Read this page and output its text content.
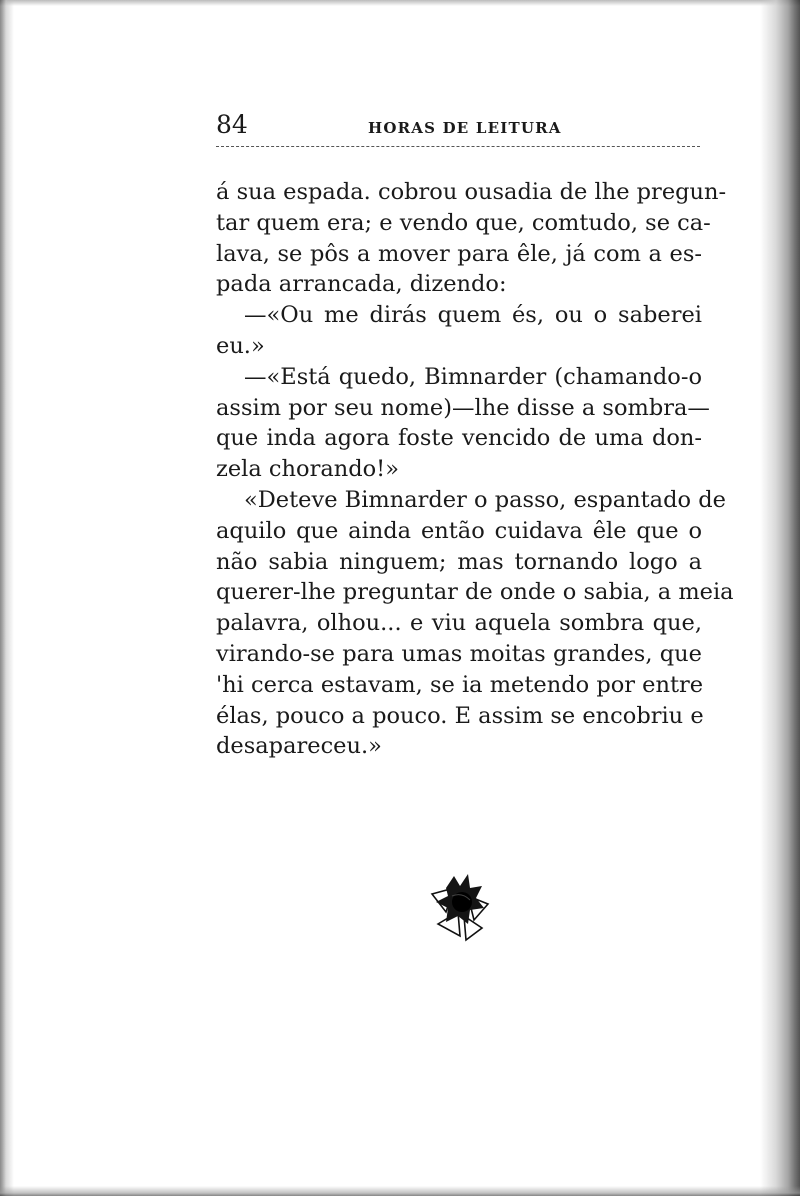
84	HORAS DE LEITURA
á sua espada. cobrou ousadia de lhe pregun-
tar quem era; e vendo que, comtudo, se ca-
lava, se pôs a mover para êle, já com a es-
pada arrancada, dizendo:
—«Ou me dirás quem és, ou o saberei
eu.»
—«Está quedo, Bimnarder (chamando-o
assim por seu nome)—lhe disse a sombra—
que inda agora foste vencido de uma don-
zela chorando!»
«Deteve Bimnarder o passo, espantado de
aquilo que ainda então cuidava êle que o
não sabia ninguem; mas tornando logo a
querer-lhe preguntar de onde o sabia, a meia
palavra, olhou... e viu aquela sombra que,
virando-se para umas moitas grandes, que
'hi cerca estavam, se ia metendo por entre
élas, pouco a pouco. E assim se encobriu e
desapareceu.»
